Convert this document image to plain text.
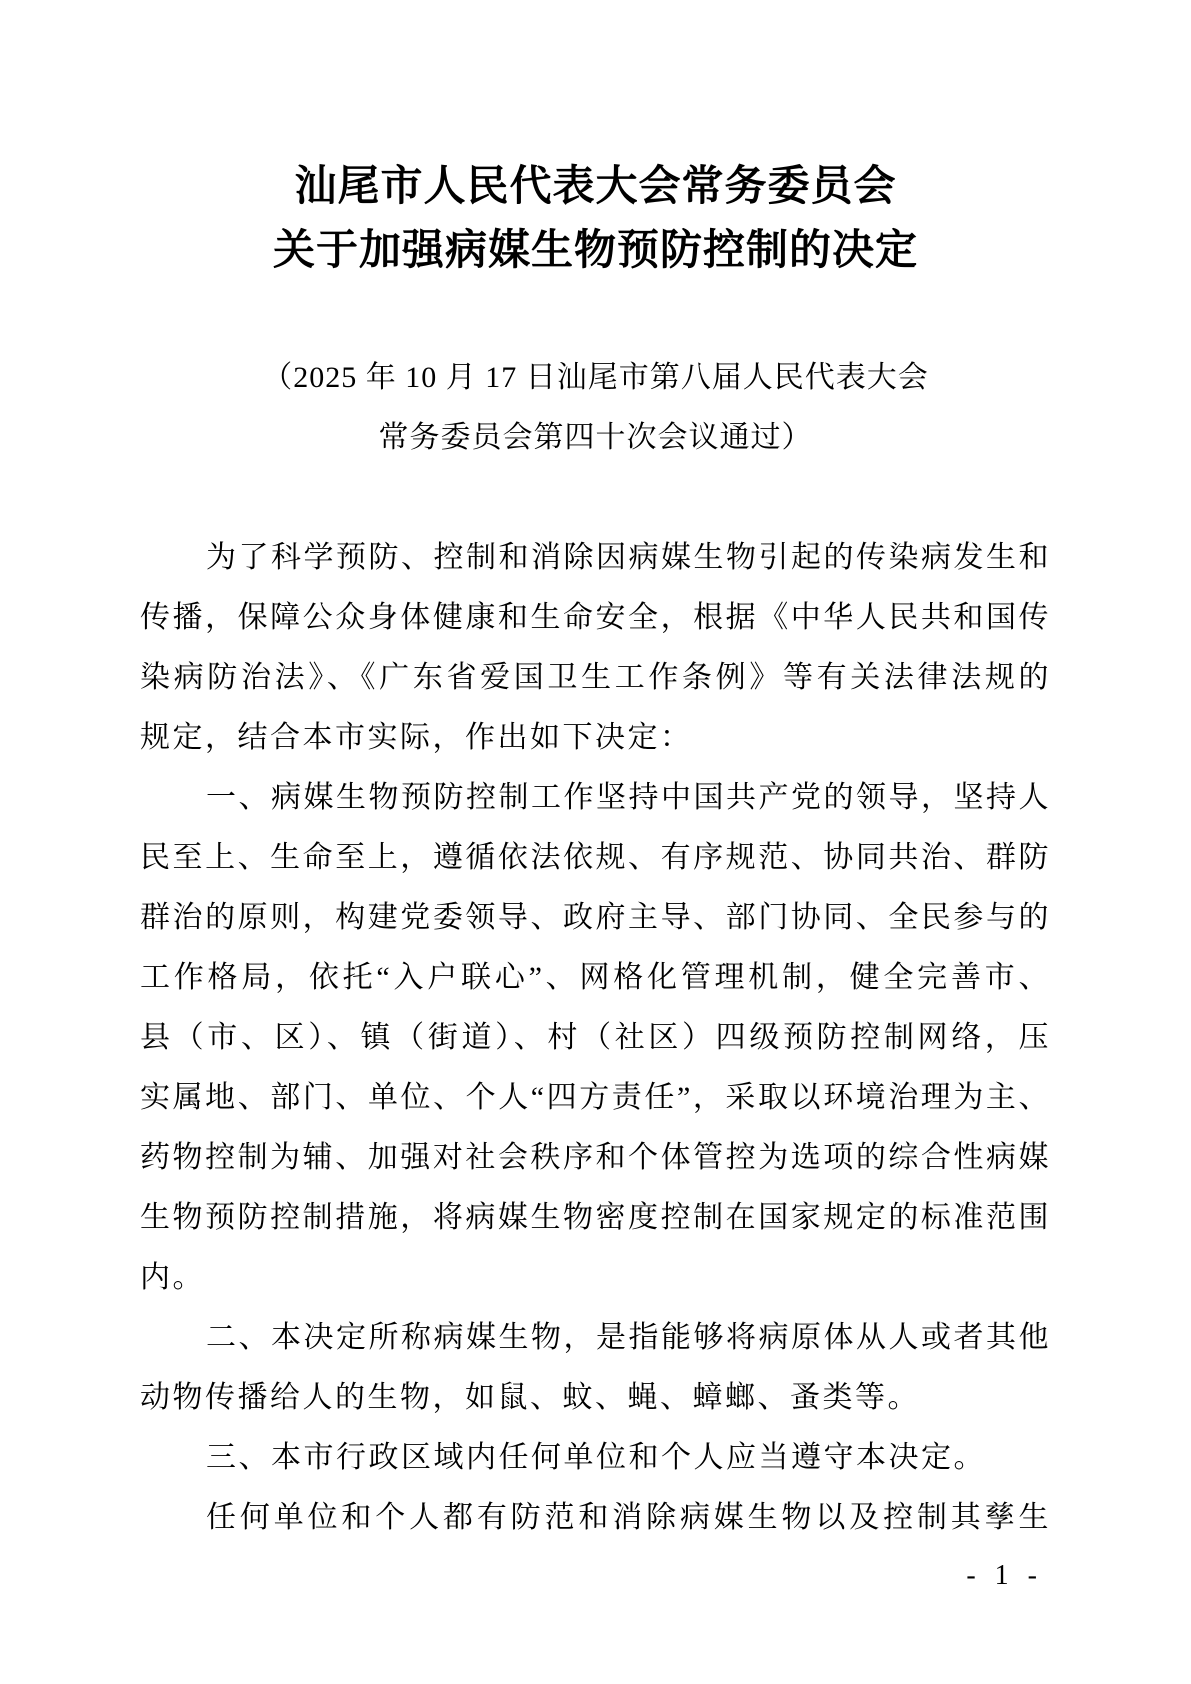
汕尾市人民代表大会常务委员会
关于加强病媒生物预防控制的决定
（2025 年 10 月 17 日汕尾市第八届人民代表大会
常务委员会第四十次会议通过）
为了科学预防、控制和消除因病媒生物引起的传染病发生和
传播，保障公众身体健康和生命安全，根据《中华人民共和国传
染病防治法》、《广东省爱国卫生工作条例》等有关法律法规的
规定，结合本市实际，作出如下决定：
一、病媒生物预防控制工作坚持中国共产党的领导，坚持人
民至上、生命至上，遵循依法依规、有序规范、协同共治、群防
群治的原则，构建党委领导、政府主导、部门协同、全民参与的
工作格局，依托“入户联心”、网格化管理机制，健全完善市、
县（市、区）、镇（街道）、村（社区）四级预防控制网络，压
实属地、部门、单位、个人“四方责任”，采取以环境治理为主、
药物控制为辅、加强对社会秩序和个体管控为选项的综合性病媒
生物预防控制措施，将病媒生物密度控制在国家规定的标准范围
内。
二、本决定所称病媒生物，是指能够将病原体从人或者其他
动物传播给人的生物，如鼠、蚊、蝇、蟑螂、蚤类等。
三、本市行政区域内任何单位和个人应当遵守本决定。
任何单位和个人都有防范和消除病媒生物以及控制其孳生
- 1 -
